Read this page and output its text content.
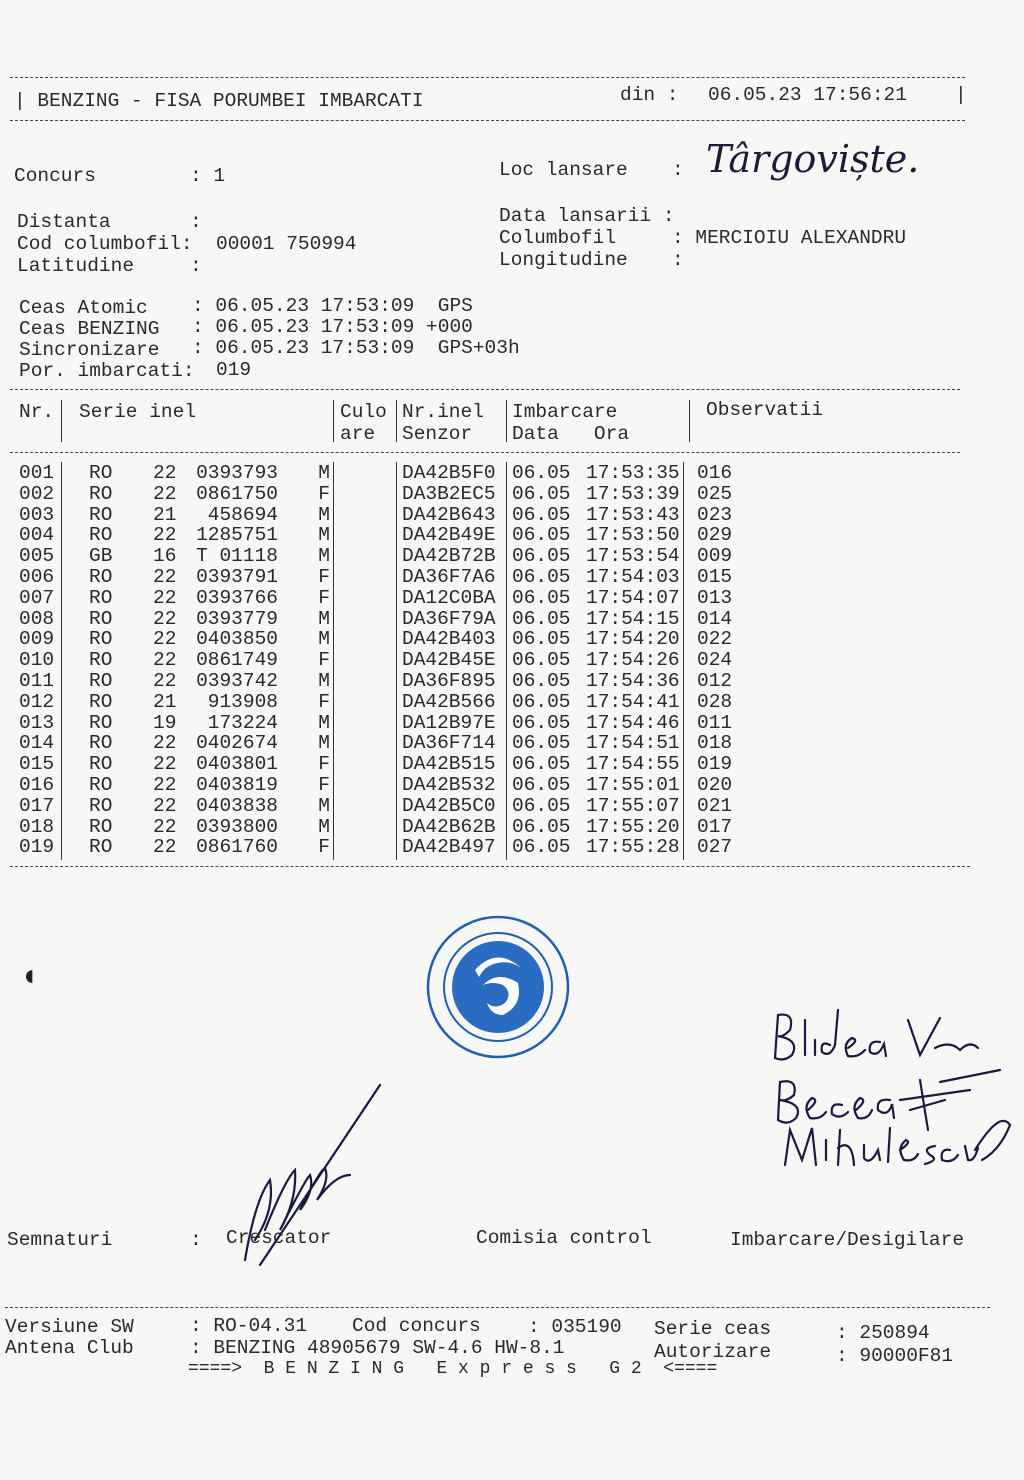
| BENZING - FISA PORUMBEI IMBARCATI	din : 06.05.23 17:56:21 |
Concurs	: 1	Loc lansare : Târgoviște.
Distanta	:
Cod columbofil: 00001 750994
Latitudine	:
Data lansarii :
Columbofil	: MERCIOIU ALEXANDRU
Longitudine :
Ceas Atomic : 06.05.23 17:53:09  GPS
Ceas BENZING : 06.05.23 17:53:09 +000
Sincronizare : 06.05.23 17:53:09  GPS+03h
Por. imbarcati: 019
Nr. Serie inel	Culo
are
Nr.inel
Senzor
Imbarcare
Data   Ora
Observatii
001 RO	22	0393793	M	DA42B5F0 06.05 17:53:35 016
002 RO	22	0861750	F	DA3B2EC5 06.05 17:53:39 025
003 RO	21	458694	M	DA42B643 06.05 17:53:43 023
004 RO	22	1285751	M	DA42B49E 06.05 17:53:50 029
005 GB	16	T 01118	M	DA42B72B 06.05 17:53:54 009
006 RO	22	0393791	F	DA36F7A6 06.05 17:54:03 015
007 RO	22	0393766	F	DA12C0BA 06.05 17:54:07 013
008 RO	22	0393779	M	DA36F79A 06.05 17:54:15 014
009 RO	22	0403850	M	DA42B403 06.05 17:54:20 022
010 RO	22	0861749	F	DA42B45E 06.05 17:54:26 024
011 RO	22	0393742	M	DA36F895 06.05 17:54:36 012
012 RO	21	913908	F	DA42B566 06.05 17:54:41 028
013 RO	19	173224	M	DA12B97E 06.05 17:54:46 011
014 RO	22	0402674	M	DA36F714 06.05 17:54:51 018
015 RO	22	0403801	F	DA42B515 06.05 17:54:55 019
016 RO	22	0403819	F	DA42B532 06.05 17:55:01 020
017 RO	22	0403838	M	DA42B5C0 06.05 17:55:07 021
018 RO	22	0393800	M	DA42B62B 06.05 17:55:20 017
019 RO	22	0861760	F	DA42B497 06.05 17:55:28 027
◖
Semnaturi	: Crescator	Comisia control	Imbarcare/Desigilare
Versiune SW	: RO-04.31 Cod concurs : 035190 Serie ceas	: 250894
Antena Club	: BENZING 48905679 SW-4.6 HW-8.1	Autorizare	: 90000F81
====>  B E N Z I N G   E x p r e s s   G 2  <====
